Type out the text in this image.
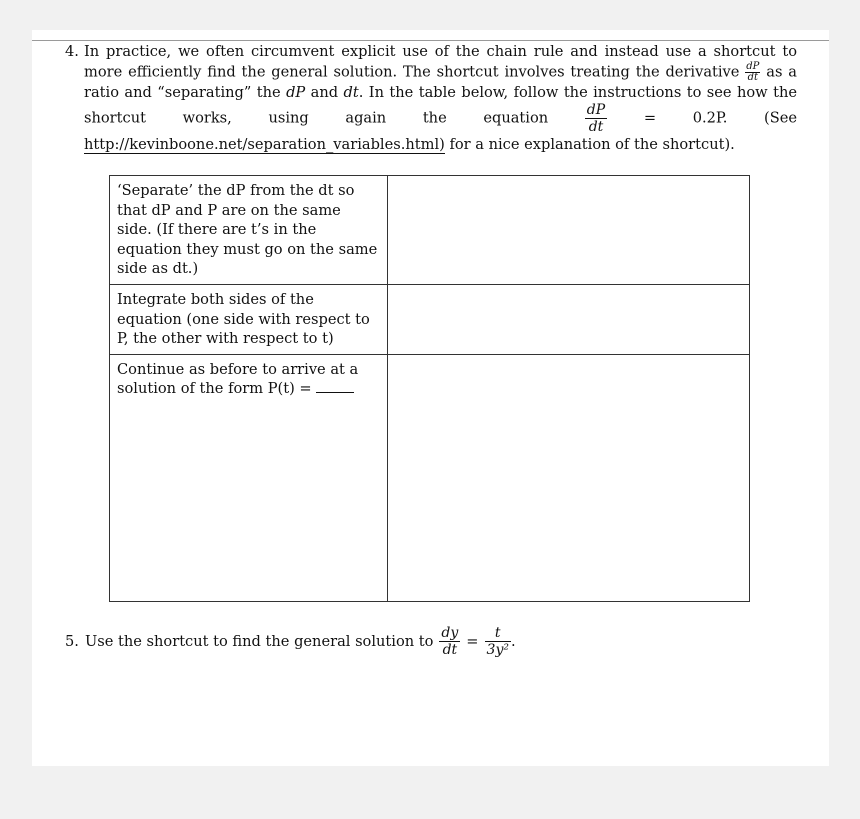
4. In practice, we often circumvent explicit use of the chain rule and instead use a shortcut to more efficiently find the general solution. The shortcut involves treating the derivative $\frac{dP}{dt}$ as a ratio and “separating” the dP and dt. In the table below, follow the instructions to see how the shortcut works, using again the equation	$\frac{dP}{dt}$	= 0.2P.	(See http://kevinboone.net/separation_variables.html) for a nice explanation of the shortcut).
‘Separate’ the dP from the dt so that dP and P are on the same side. (If there are t’s in the equation they must go on the same side as dt.)	
Integrate both sides of the equation (one side with respect to P, the other with respect to t)	
Continue as before to arrive at a solution of the form P(t) =	
5. Use the shortcut to find the general solution to $\frac{dy}{dt} = \frac{t}{\text{3y²}}$ .
